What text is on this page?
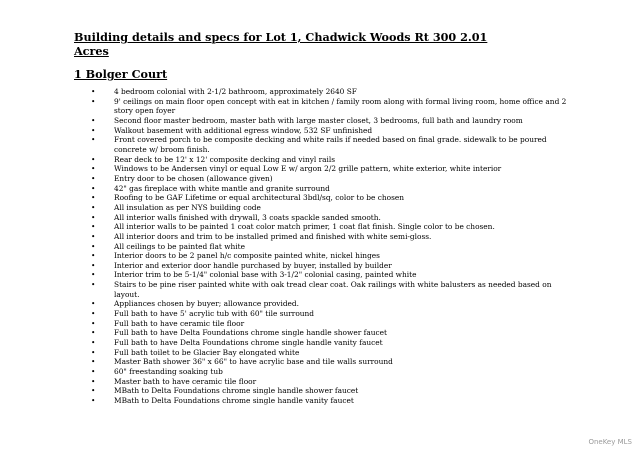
Building details and specs for Lot 1, Chadwick Woods Rt 300 2.01
Acres
1 Bolger Court
•	4 bedroom colonial with 2-1/2 bathroom, approximately 2640 SF
•	9' ceilings on main floor open concept with eat in kitchen / family room along with formal living room, home office and 2 story open foyer
•	Second floor master bedroom, master bath with large master closet, 3 bedrooms, full bath and laundry room
•	Walkout basement with additional egress window, 532 SF unfinished
•	Front covered porch to be composite decking and white rails if needed based on final grade. sidewalk to be poured concrete w/ broom finish.
•	Rear deck to be 12' x 12' composite decking and vinyl rails
•	Windows to be Andersen vinyl or equal Low E w/ argon 2/2 grille pattern, white exterior, white interior
•	Entry door to be chosen (allowance given)
•	42" gas fireplace with white mantle and granite surround
•	Roofing to be GAF Lifetime or equal architectural 3bdl/sq, color to be chosen
•	All insulation as per NYS building code
•	All interior walls finished with drywall, 3 coats spackle sanded smooth.
•	All interior walls to be painted 1 coat color match primer, 1 coat flat finish. Single color to be chosen.
•	All interior doors and trim to be installed primed and finished with white semi-gloss.
•	All ceilings to be painted flat white
•	Interior doors to be 2 panel h/c composite painted white, nickel hinges
•	Interior and exterior door handle purchased by buyer, installed by builder
•	Interior trim to be 5-1/4" colonial base with 3-1/2" colonial casing, painted white
•	Stairs to be pine riser painted white with oak tread clear coat. Oak railings with white balusters as needed based on layout.
•	Appliances chosen by buyer; allowance provided.
•	Full bath to have 5' acrylic tub with 60" tile surround
•	Full bath to have ceramic tile floor
•	Full bath to have Delta Foundations chrome single handle shower faucet
•	Full bath to have Delta Foundations chrome single handle vanity faucet
•	Full bath toilet to be Glacier Bay elongated white
•	Master Bath shower 36" x 66" to have acrylic base and tile walls surround
•	60" freestanding soaking tub
•	Master bath to have ceramic tile floor
•	MBath to Delta Foundations chrome single handle shower faucet
•	MBath to Delta Foundations chrome single handle vanity faucet
OneKey MLS
